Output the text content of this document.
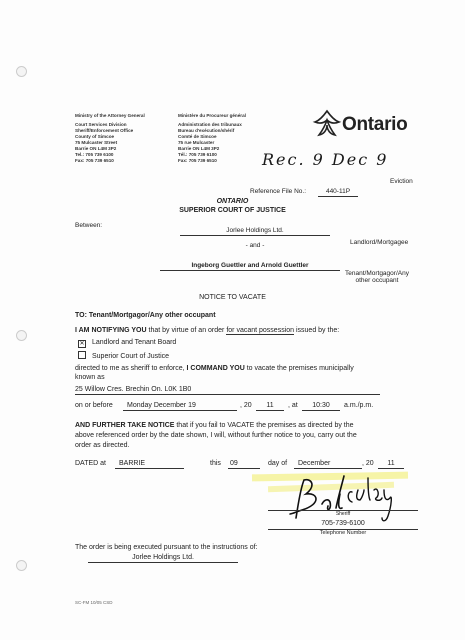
Ministry of the Attorney General
Court Services Division
Sheriff/Enforcement Office
County of Simcoe
75 Mulcaster Street
Barrie ON L4M 3P2
Tel.: 705 739 6100
Fax: 705 739 6510
Ministère du Procureur général
Administration des tribunaux
Bureau d'exécution/shérif
Comté de Simcoe
75 rue Mulcaster
Barrie ON L4M 3P2
Tél.: 705 739 6100
Fax: 705 739 6510
Ontario
Rec. 9 Dec 9
Eviction
Reference File No.:	440-11P
ONTARIO
SUPERIOR COURT OF JUSTICE
Between:
Jorlee Holdings Ltd.
- and -	Landlord/Mortgagee
Ingeborg Guettler and Arnold Guettler
Tenant/Mortgagor/Any
other occupant
NOTICE TO VACATE
TO: Tenant/Mortgagor/Any other occupant
I AM NOTIFYING YOU that by virtue of an order for vacant possession issued by the:
✕ Landlord and Tenant Board
Superior Court of Justice
directed to me as sheriff to enforce, I COMMAND YOU to vacate the premises municipally
known as
25 Willow Cres. Brechin On. L0K 1B0
on or before	Monday December 19	, 20	11	, at	10:30	a.m./p.m.
AND FURTHER TAKE NOTICE that if you fail to VACATE the premises as directed by the
above referenced order by the date shown, I will, without further notice to you, carry out the
order as directed.
DATED at	BARRIE	this 09	day of	December	, 20	11
Sheriff
705-739-6100
Telephone Number
The order is being executed pursuant to the instructions of:
Jorlee Holdings Ltd.
SC-FM 10/05 CSD
